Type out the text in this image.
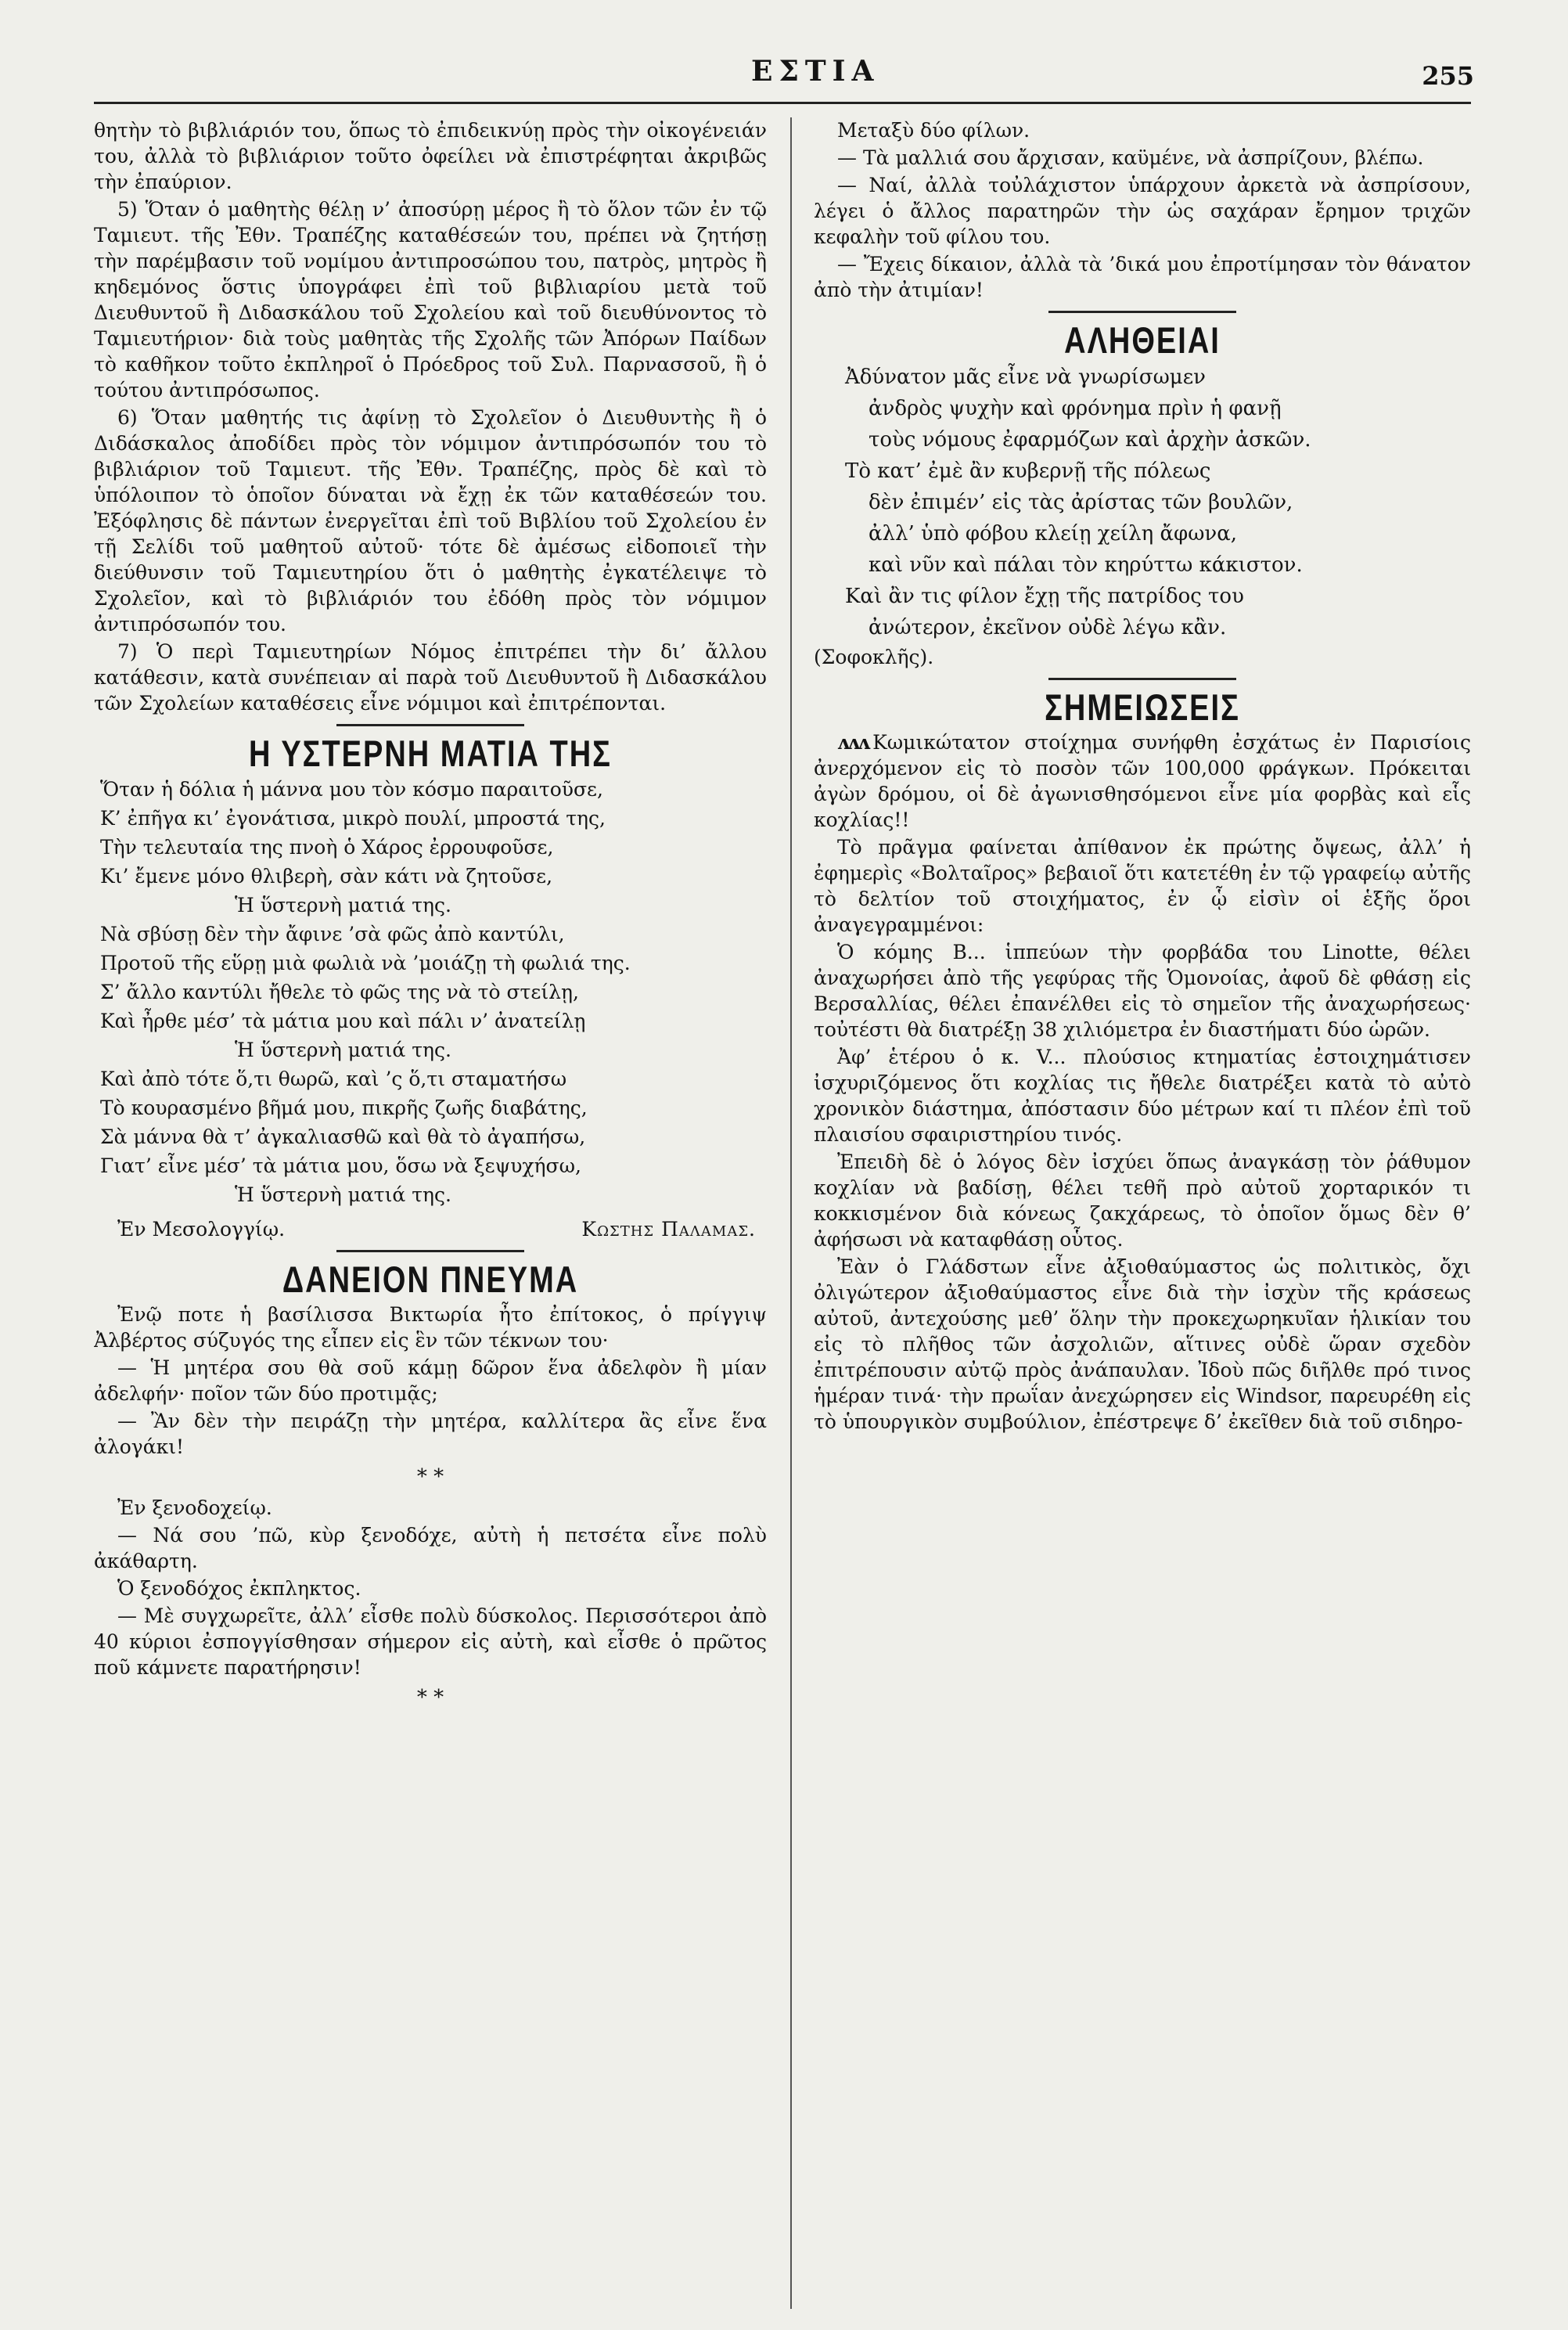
ΕΣΤΙΑ	255

θητὴν τὸ βιβλιάριόν του, ὅπως τὸ ἐπιδεικνύῃ πρὸς τὴν οἰκογένειάν του, ἀλλὰ τὸ βιβλιάριον τοῦτο ὀφείλει νὰ ἐπιστρέφηται ἀκριβῶς τὴν ἐπαύριον.

5) Ὅταν ὁ μαθητὴς θέλῃ ν’ ἀποσύρῃ μέρος ἢ τὸ ὅλον τῶν ἐν τῷ Ταμιευτ. τῆς Ἐθν. Τραπέζης καταθέσεών του, πρέπει νὰ ζητήσῃ τὴν παρέμβασιν τοῦ νομίμου ἀντιπροσώπου του, πατρὸς, μητρὸς ἢ κηδεμόνος ὅστις ὑπογράφει ἐπὶ τοῦ βιβλιαρίου μετὰ τοῦ Διευθυντοῦ ἢ Διδασκάλου τοῦ Σχολείου καὶ τοῦ διευθύνοντος τὸ Ταμιευτήριον· διὰ τοὺς μαθητὰς τῆς Σχολῆς τῶν Ἀπόρων Παίδων τὸ καθῆκον τοῦτο ἐκπληροῖ ὁ Πρόεδρος τοῦ Συλ. Παρνασσοῦ, ἢ ὁ τούτου ἀντιπρόσωπος.

6) Ὅταν μαθητής τις ἀφίνῃ τὸ Σχολεῖον ὁ Διευθυντὴς ἢ ὁ Διδάσκαλος ἀποδίδει πρὸς τὸν νόμιμον ἀντιπρόσωπόν του τὸ βιβλιάριον τοῦ Ταμιευτ. τῆς Ἐθν. Τραπέζης, πρὸς δὲ καὶ τὸ ὑπόλοιπον τὸ ὁποῖον δύναται νὰ ἔχῃ ἐκ τῶν καταθέσεών του. Ἐξόφλησις δὲ πάντων ἐνεργεῖται ἐπὶ τοῦ Βιβλίου τοῦ Σχολείου ἐν τῇ Σελίδι τοῦ μαθητοῦ αὐτοῦ· τότε δὲ ἀμέσως εἰδοποιεῖ τὴν διεύθυνσιν τοῦ Ταμιευτηρίου ὅτι ὁ μαθητὴς ἐγκατέλειψε τὸ Σχολεῖον, καὶ τὸ βιβλιάριόν του ἐδόθη πρὸς τὸν νόμιμον ἀντιπρόσωπόν του.

7) Ὁ περὶ Ταμιευτηρίων Νόμος ἐπιτρέπει τὴν δι’ ἄλλου κατάθεσιν, κατὰ συνέπειαν αἱ παρὰ τοῦ Διευθυντοῦ ἢ Διδασκάλου τῶν Σχολείων καταθέσεις εἶνε νόμιμοι καὶ ἐπιτρέπονται.

Η ΥΣΤΕΡΝΗ ΜΑΤΙΑ ΤΗΣ

Ὅταν ἡ δόλια ἡ μάννα μου τὸν κόσμο παραιτοῦσε,

Κ’ ἐπῆγα κι’ ἐγονάτισα, μικρὸ πουλί, μπροστά της,

Τὴν τελευταία της πνοὴ ὁ Χάρος ἐρρουφοῦσε,

Κι’ ἔμενε μόνο θλιβερὴ, σὰν κάτι νὰ ζητοῦσε,

Ἡ ὕστερνὴ ματιά της.

Νὰ σβύσῃ δὲν τὴν ἄφινε ’σὰ φῶς ἀπὸ καντύλι,

Προτοῦ τῆς εὕρῃ μιὰ φωλιὰ νὰ ’μοιάζῃ τὴ φωλιά της.

Σ’ ἄλλο καντύλι ἤθελε τὸ φῶς της νὰ τὸ στείλῃ,

Καὶ ἦρθε μέσ’ τὰ μάτια μου καὶ πάλι ν’ ἀνατείλῃ

Ἡ ὕστερνὴ ματιά της.

Καὶ ἀπὸ τότε ὅ,τι θωρῶ, καὶ ’ς ὅ,τι σταματήσω

Τὸ κουρασμένο βῆμά μου, πικρῆς ζωῆς διαβάτης,

Σὰ μάννα θὰ τ’ ἀγκαλιασθῶ καὶ θὰ τὸ ἀγαπήσω,

Γιατ’ εἶνε μέσ’ τὰ μάτια μου, ὅσω νὰ ξεψυχήσω,

Ἡ ὕστερνὴ ματιά της.

Ἐν Μεσολογγίῳ.	Κωστης Παλαμας.
ΔΑΝΕΙΟΝ ΠΝΕΥΜΑ

Ἐνῷ ποτε ἡ βασίλισσα Βικτωρία ἦτο ἐπίτοκος, ὁ πρίγγιψ Ἀλβέρτος σύζυγός της εἶπεν εἰς ἓν τῶν τέκνων του·

— Ἡ μητέρα σου θὰ σοῦ κάμῃ δῶρον ἕνα ἀδελφὸν ἢ μίαν ἀδελφήν· ποῖον τῶν δύο προτιμᾷς;

— Ἂν δὲν τὴν πειράζῃ τὴν μητέρα, καλλίτερα ἂς εἶνε ἕνα ἀλογάκι!

* *

Ἐν ξενοδοχείῳ.

— Νά σου ’πῶ, κὺρ ξενοδόχε, αὐτὴ ἡ πετσέτα εἶνε πολὺ ἀκάθαρτη.

Ὁ ξενοδόχος ἐκπληκτος.

— Μὲ συγχωρεῖτε, ἀλλ’ εἶσθε πολὺ δύσκολος. Περισσότεροι ἀπὸ 40 κύριοι ἐσπογγίσθησαν σήμερον εἰς αὐτὴ, καὶ εἶσθε ὁ πρῶτος ποῦ κάμνετε παρατήρησιν!

* *

Μεταξὺ δύο φίλων.

— Τὰ μαλλιά σου ἄρχισαν, καϋμένε, νὰ ἀσπρίζουν, βλέπω.

— Ναί, ἀλλὰ τοὐλάχιστον ὑπάρχουν ἀρκετὰ νὰ ἀσπρίσουν, λέγει ὁ ἄλλος παρατηρῶν τὴν ὡς σαχάραν ἔρημον τριχῶν κεφαλὴν τοῦ φίλου του.

— Ἔχεις δίκαιον, ἀλλὰ τὰ ’δικά μου ἐπροτίμησαν τὸν θάνατον ἀπὸ τὴν ἀτιμίαν!

ΑΛΗΘΕΙΑΙ

Ἀδύνατον μᾶς εἶνε νὰ γνωρίσωμεν

ἀνδρὸς ψυχὴν καὶ φρόνημα πρὶν ἡ φανῇ

τοὺς νόμους ἐφαρμόζων καὶ ἀρχὴν ἀσκῶν.

Τὸ κατ’ ἐμὲ ἂν κυβερνῇ τῆς πόλεως

δὲν ἐπιμέν’ εἰς τὰς ἀρίστας τῶν βουλῶν,

ἀλλ’ ὑπὸ φόβου κλείῃ χείλη ἄφωνα,

καὶ νῦν καὶ πάλαι τὸν κηρύττω κάκιστον.

Καὶ ἂν τις φίλον ἔχῃ τῆς πατρίδος του

ἀνώτερον, ἐκεῖνον οὐδὲ λέγω κἂν.

(Σοφοκλῆς).

ΣΗΜΕΙΩΣΕΙΣ

ʌʌʌ Κωμικώτατον στοίχημα συνήφθη ἐσχάτως ἐν Παρισίοις ἀνερχόμενον εἰς τὸ ποσὸν τῶν 100,000 φράγκων. Πρόκειται ἀγὼν δρόμου, οἱ δὲ ἀγωνισθησόμενοι εἶνε μία φορβὰς καὶ εἷς κοχλίας!!

Τὸ πρᾶγμα φαίνεται ἀπίθανον ἐκ πρώτης ὄψεως, ἀλλ’ ἡ ἐφημερὶς «Βολταῖρος» βεβαιοῖ ὅτι κατετέθη ἐν τῷ γραφείῳ αὐτῆς τὸ δελτίον τοῦ στοιχήματος, ἐν ᾧ εἰσὶν οἱ ἑξῆς ὅροι ἀναγεγραμμένοι:

Ὁ κόμης Β... ἱππεύων τὴν φορβάδα του Linotte, θέλει ἀναχωρήσει ἀπὸ τῆς γεφύρας τῆς Ὁμονοίας, ἀφοῦ δὲ φθάσῃ εἰς Βερσαλλίας, θέλει ἐπανέλθει εἰς τὸ σημεῖον τῆς ἀναχωρήσεως· τοὐτέστι θὰ διατρέξῃ 38 χιλιόμετρα ἐν διαστήματι δύο ὡρῶν.

Ἀφ’ ἑτέρου ὁ κ. V... πλούσιος κτηματίας ἐστοιχημάτισεν ἰσχυριζόμενος ὅτι κοχλίας τις ἤθελε διατρέξει κατὰ τὸ αὐτὸ χρονικὸν διάστημα, ἀπόστασιν δύο μέτρων καί τι πλέον ἐπὶ τοῦ πλαισίου σφαιριστηρίου τινός.

Ἐπειδὴ δὲ ὁ λόγος δὲν ἰσχύει ὅπως ἀναγκάσῃ τὸν ῥάθυμον κοχλίαν νὰ βαδίσῃ, θέλει τεθῆ πρὸ αὐτοῦ χορταρικόν τι κοκκισμένον διὰ κόνεως ζακχάρεως, τὸ ὁποῖον ὅμως δὲν θ’ ἀφήσωσι νὰ καταφθάσῃ οὗτος.

Ἐὰν ὁ Γλάδστων εἶνε ἀξιοθαύμαστος ὡς πολιτικὸς, ὄχι ὀλιγώτερον ἀξιοθαύμαστος εἶνε διὰ τὴν ἰσχὺν τῆς κράσεως αὐτοῦ, ἀντεχούσης μεθ’ ὅλην τὴν προκεχωρηκυῖαν ἡλικίαν του εἰς τὸ πλῆθος τῶν ἀσχολιῶν, αἵτινες οὐδὲ ὥραν σχεδὸν ἐπιτρέπουσιν αὐτῷ πρὸς ἀνάπαυλαν. Ἰδοὺ πῶς διῆλθε πρό τινος ἡμέραν τινά· τὴν πρωΐαν ἀνεχώρησεν εἰς Windsor, παρευρέθη εἰς τὸ ὑπουργικὸν συμβούλιον, ἐπέστρεψε δ’ ἐκεῖθεν διὰ τοῦ σιδηρο-
